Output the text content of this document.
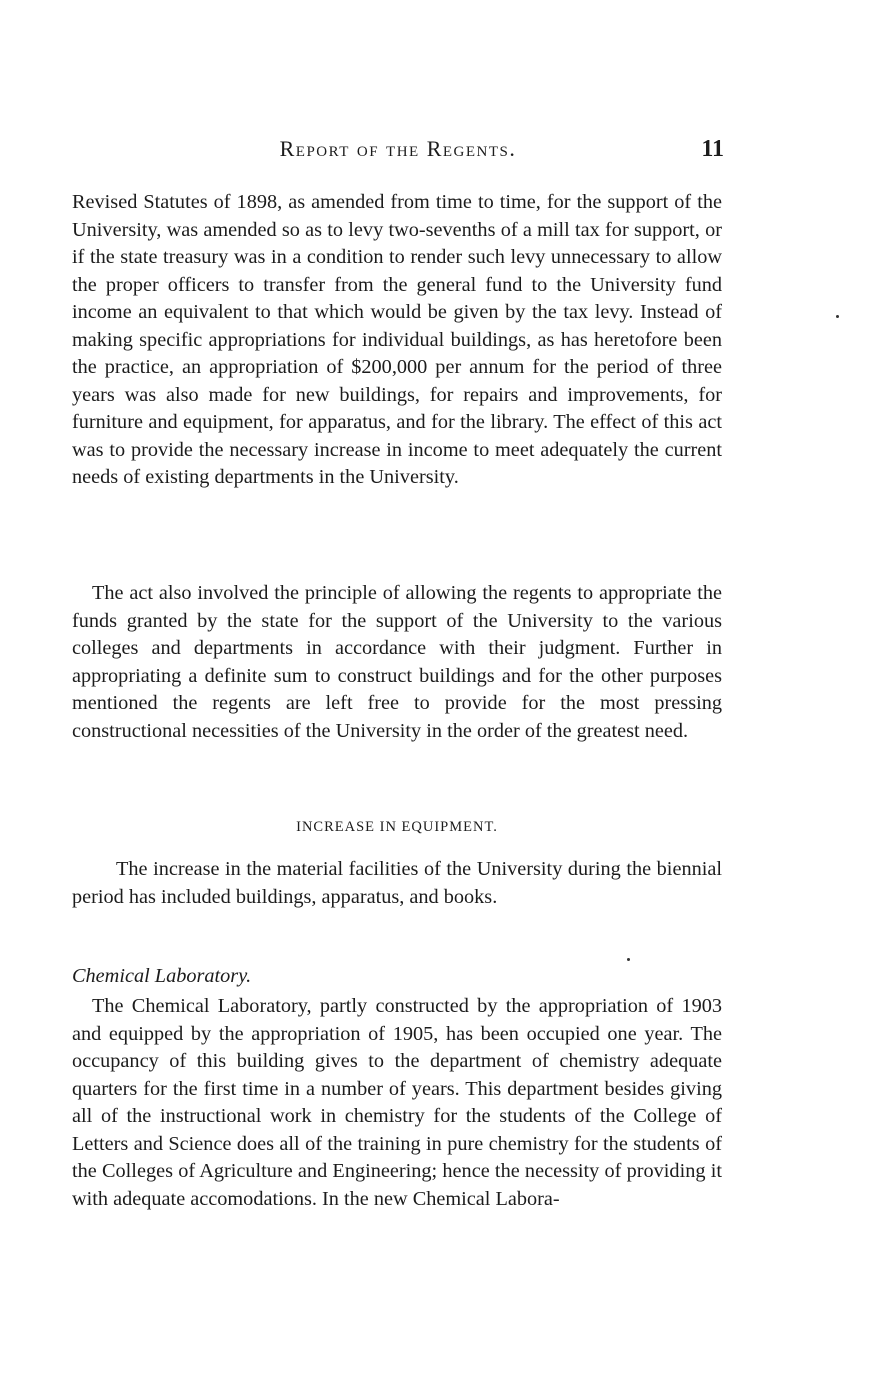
Report of the Regents.	11

Revised Statutes of 1898, as amended from time to time, for the support of the University, was amended so as to levy two-sevenths of a mill tax for support, or if the state treasury was in a condition to render such levy unnecessary to allow the proper officers to transfer from the general fund to the University fund income an equivalent to that which would be given by the tax levy. Instead of making specific appropriations for individual buildings, as has heretofore been the practice, an appropriation of $200,000 per annum for the period of three years was also made for new buildings, for repairs and improvements, for furniture and equipment, for apparatus, and for the library. The effect of this act was to provide the necessary increase in income to meet adequately the current needs of existing departments in the University.

The act also involved the principle of allowing the regents to appropriate the funds granted by the state for the support of the University to the various colleges and departments in accordance with their judgment. Further in appropriating a definite sum to construct buildings and for the other purposes mentioned the regents are left free to provide for the most pressing constructional necessities of the University in the order of the greatest need.

INCREASE IN EQUIPMENT.

The increase in the material facilities of the University during the biennial period has included buildings, apparatus, and books.

Chemical Laboratory.

The Chemical Laboratory, partly constructed by the appropriation of 1903 and equipped by the appropriation of 1905, has been occupied one year. The occupancy of this building gives to the department of chemistry adequate quarters for the first time in a number of years. This department besides giving all of the instructional work in chemistry for the students of the College of Letters and Science does all of the training in pure chemistry for the students of the Colleges of Agriculture and Engineering; hence the necessity of providing it with adequate accomodations. In the new Chemical Labora-
